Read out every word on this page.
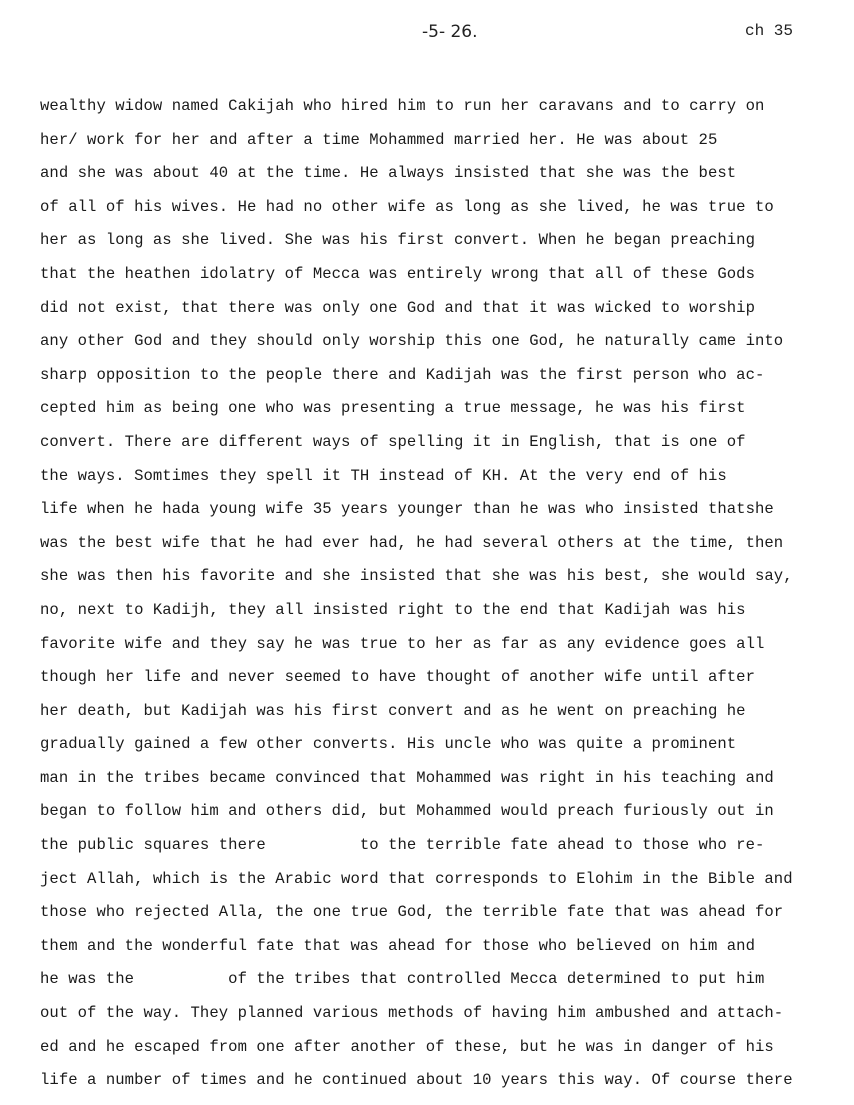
-5- 26.	ch 35
wealthy widow named Cakijah who hired him to run her caravans and to carry on
her/ work for her and after a time Mohammed married her. He was about 25
and she was about 40 at the time. He always insisted that she was the best
of all of his wives. He had no other wife as long as she lived, he was true to
her as long as she lived. She was his first convert. When he began preaching
that the heathen idolatry of Mecca was entirely wrong that all of these Gods
did not exist, that there was only one God and that it was wicked to worship
any other God and they should only worship this one God, he naturally came into
sharp opposition to the people there and Kadijah was the first person who ac-
cepted him as being one who was presenting a true message, he was his first
convert. There are different ways of spelling it in English, that is one of
the ways. Somtimes they spell it TH instead of KH. At the very end of his
life when he hada young wife 35 years younger than he was who insisted thatshe
was the best wife that he had ever had, he had several others at the time, then
she was then his favorite and she insisted that she was his best, she would say,
no, next to Kadijh, they all insisted right to the end that Kadijah was his
favorite wife and they say he was true to her as far as any evidence goes all
though her life and never seemed to have thought of another wife until after
her death, but Kadijah was his first convert and as he went on preaching he
gradually gained a few other converts. His uncle who was quite a prominent
man in the tribes became convinced that Mohammed was right in his teaching and
began to follow him and others did, but Mohammed would preach furiously out in
the public squares there          to the terrible fate ahead to those who re-
ject Allah, which is the Arabic word that corresponds to Elohim in the Bible and
those who rejected Alla, the one true God, the terrible fate that was ahead for
them and the wonderful fate that was ahead for those who believed on him and
he was the          of the tribes that controlled Mecca determined to put him
out of the way. They planned various methods of having him ambushed and attach-
ed and he escaped from one after another of these, but he was in danger of his
life a number of times and he continued about 10 years this way. Of course there
